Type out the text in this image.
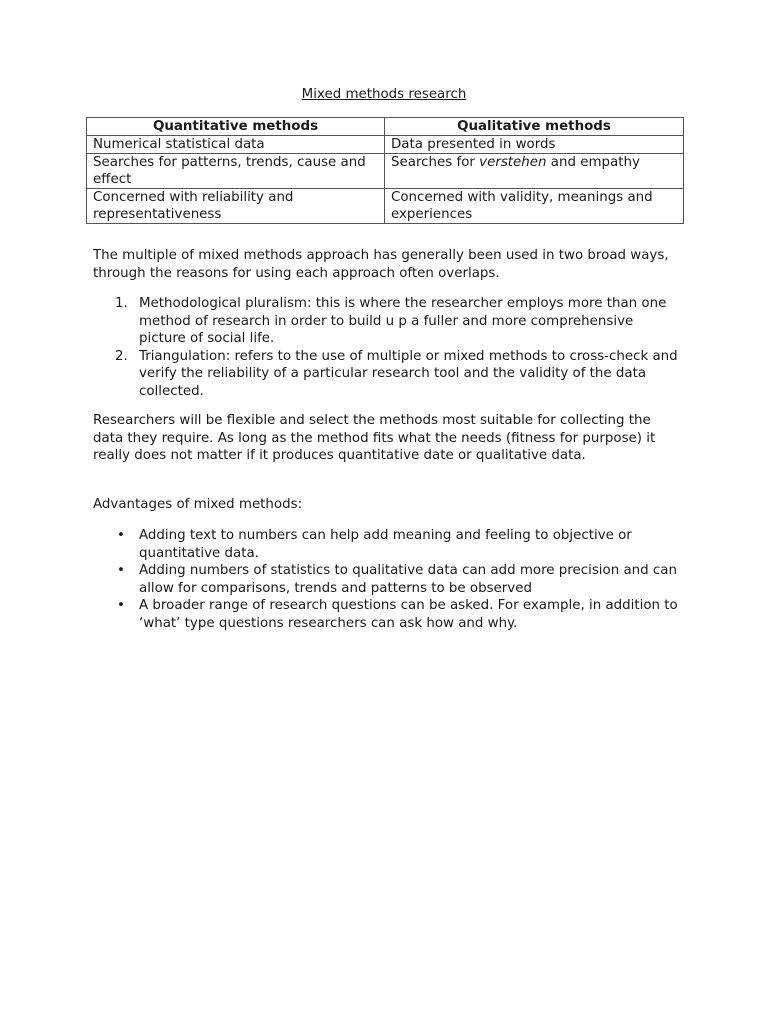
Mixed methods research
Quantitative methods	Qualitative methods
Numerical statistical data	Data presented in words
Searches for patterns, trends, cause and effect	Searches for verstehen and empathy
Concerned with reliability and representativeness	Concerned with validity, meanings and experiences

The multiple of mixed methods approach has generally been used in two broad ways, through the reasons for using each approach often overlaps.

1. Methodological pluralism: this is where the researcher employs more than one method of research in order to build u p a fuller and more comprehensive picture of social life.
2. Triangulation: refers to the use of multiple or mixed methods to cross-check and verify the reliability of a particular research tool and the validity of the data collected.

Researchers will be flexible and select the methods most suitable for collecting the data they require. As long as the method fits what the needs (fitness for purpose) it really does not matter if it produces quantitative date or qualitative data.

Advantages of mixed methods:

• Adding text to numbers can help add meaning and feeling to objective or quantitative data.
• Adding numbers of statistics to qualitative data can add more precision and can allow for comparisons, trends and patterns to be observed
• A broader range of research questions can be asked. For example, in addition to ‘what’ type questions researchers can ask how and why.
